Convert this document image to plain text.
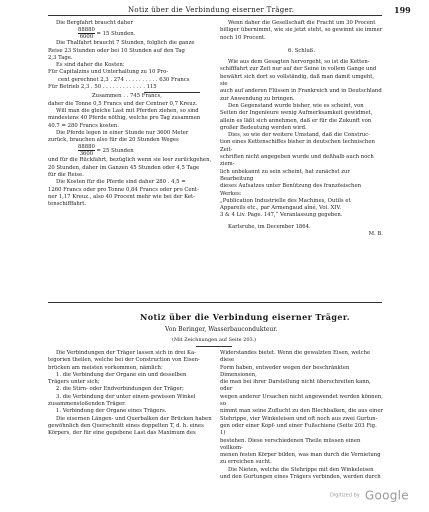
Notiz über die Verbindung eiserner Träger.	199

Die Bergfahrt braucht daher

$\frac{88880}{6000} = 15$ Stunden.

Die Thalfahrt braucht 7 Stunden, folglich die ganze

Reise 23 Stunden oder bei 10 Stunden auf den Tag

2,3 Tage.

Es sind daher die Kosten:

Für Capitalzins und Unterhaltung zu 10 Pro-

cent gerechnet 2,3 . 274 . . . . . . . . . . 630 Francs

Für Betrieb 2,3 . 50 . . . . . . . . . . . . . 115

Zusammen . . 745 Francs,

daher die Tonne 0,5 Francs und der Centner 0,7 Kreuz.

Will man die gleiche Last mit Pferden ziehen, so sind

mindestens 40 Pferde nöthig, welche pro Tag zusammen

40.7 = 280 Francs kosten.

Die Pferde legen in einer Stunde nur 3600 Meter

zurück, brauchen also für die 20 Stunden Weges

$\frac{88880}{3600} = 25$ Stunden

und für die Rückfahrt, bezüglich wenn sie leer zurückgehen,

20 Stunden, daher im Ganzen 45 Stunden oder 4,5 Tage

für die Reise.

Die Kosten für die Pferde sind daher 280 . 4,5 =

1260 Francs oder pro Tonne 0,84 Francs oder pro Cent-

ner 1,17 Kreuz., also 40 Procent mehr wie bei der Ket-

tenschifffahrt.

Wenn daher die Gesellschaft die Fracht um 30 Procent

billiger übernimmt, wie sie jetzt steht, so gewinnt sie immer

noch 10 Procent.

6. Schluß.

Wie aus dem Gesagten hervorgeht, so ist die Ketten-

schifffahrt zur Zeit nur auf der Seine in vollem Gange und

bewährt sich dort so vollständig, daß man damit umgeht, sie

auch auf anderen Flüssen in Frankreich und in Deutschland

zur Anwendung zu bringen.

Den Gegenstand wurde bisher, wie es scheint, von

Seiten der Ingenieure wenig Aufmerksamkeit gewidmet,

allein es läßt sich annehmen, daß er für die Zukunft von

großer Bedeutung werden wird.

Dies, so wie der weitere Umstand, daß die Construc-

tion eines Kettenschiffes bisher in deutschen technischen Zeit-

schriften nicht angegeben wurde und deßhalb auch noch ziem-

lich unbekannt zu sein scheint, hat zunächst zur Bearbeitung

dieses Aufsatzes unter Benützung des französischen Werkes:

„Publication Industrielle des Machines, Outils et

Appareils etc., par Armengaud aîné, Vol. XIV.

3 & 4 Liv. Page. 147,“ Veranlassung gegeben.

Karlsruhe, im December 1864.

M. B.

Notiz über die Verbindung eiserner Träger.
Von Beringer, Wasserbaucondukteur.
(Mit Zeichnungen auf Seite 203.)

Die Verbindungen der Träger lassen sich in drei Ka-

tegorien theilen, welche bei der Construction von Eisen-

brücken am meisten vorkommen, nämlich:

1. die Verbindung der Organe ein und desselben

Trägers unter sich;

2. die Stirn- oder Endverbindungen der Träger;

3. die Verbindung der unter einem gewissen Winkel

zusammenstoßenden Träger.

1. Verbindung der Organe eines Trägers.

Die eisernen Längen- und Querbalken der Brücken haben

gewöhnlich den Querschnitt eines doppelten T, d. h. eines

Körpers, der für eine gegebene Last das Maximum des

Widerstandes bietet. Wenn die gewalzten Eisen, welche diese

Form haben, entweder wegen der beschränkten Dimensionen,

die man bei ihrer Darstellung nicht überschreiten kann, oder

wegen anderer Ursachen nicht angewendet werden können, so

nimmt man seine Zuflucht zu den Blechbalken, die aus einer

Stehrippe, vier Winkeleisen und oft noch aus zwei Gurtun-

gen oder einer Kopf- und einer Fußschiene (Seite 203 Fig. 1)

bestehen. Diese verschiedenen Theile müssen einen vollkom-

menen festen Körper bilden, was man durch die Vernietung

zu erreichen sucht.

Die Nieten, welche die Stehrippe mit den Winkeleisen

und den Gurtungen eines Trägers verbinden, werden durch

Digitized by Google
